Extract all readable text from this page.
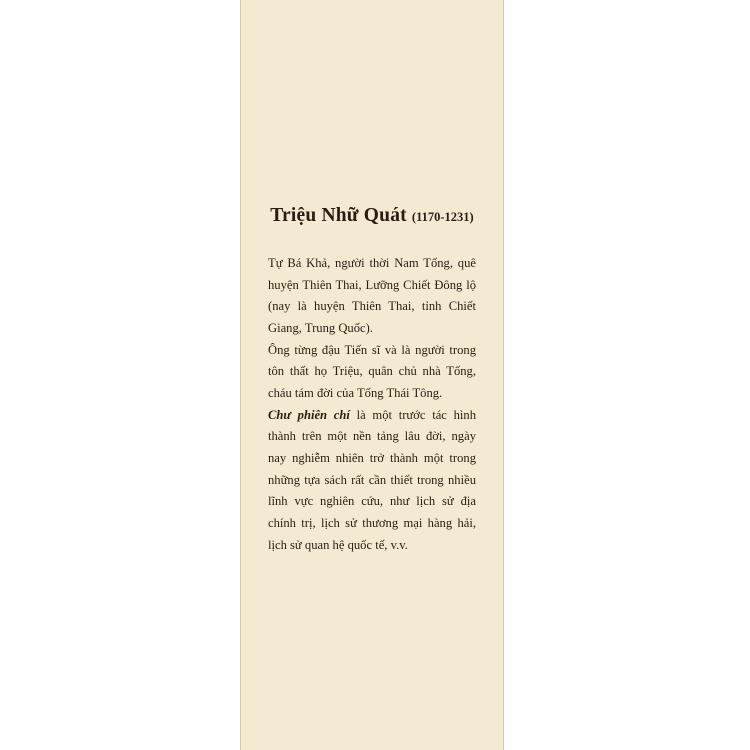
Triệu Nhữ Quát (1170-1231)

Tự Bá Khả, người thời Nam Tống, quê huyện Thiên Thai, Lưỡng Chiết Đông lộ (nay là huyện Thiên Thai, tỉnh Chiết Giang, Trung Quốc).

Ông từng đậu Tiến sĩ và là người trong tôn thất họ Triệu, quân chủ nhà Tống, cháu tám đời của Tống Thái Tông.

Chư phiên chí là một trước tác hình thành trên một nền tảng lâu đời, ngày nay nghiễm nhiên trở thành một trong những tựa sách rất cần thiết trong nhiều lĩnh vực nghiên cứu, như lịch sử địa chính trị, lịch sử thương mại hàng hải, lịch sử quan hệ quốc tế, v.v.
